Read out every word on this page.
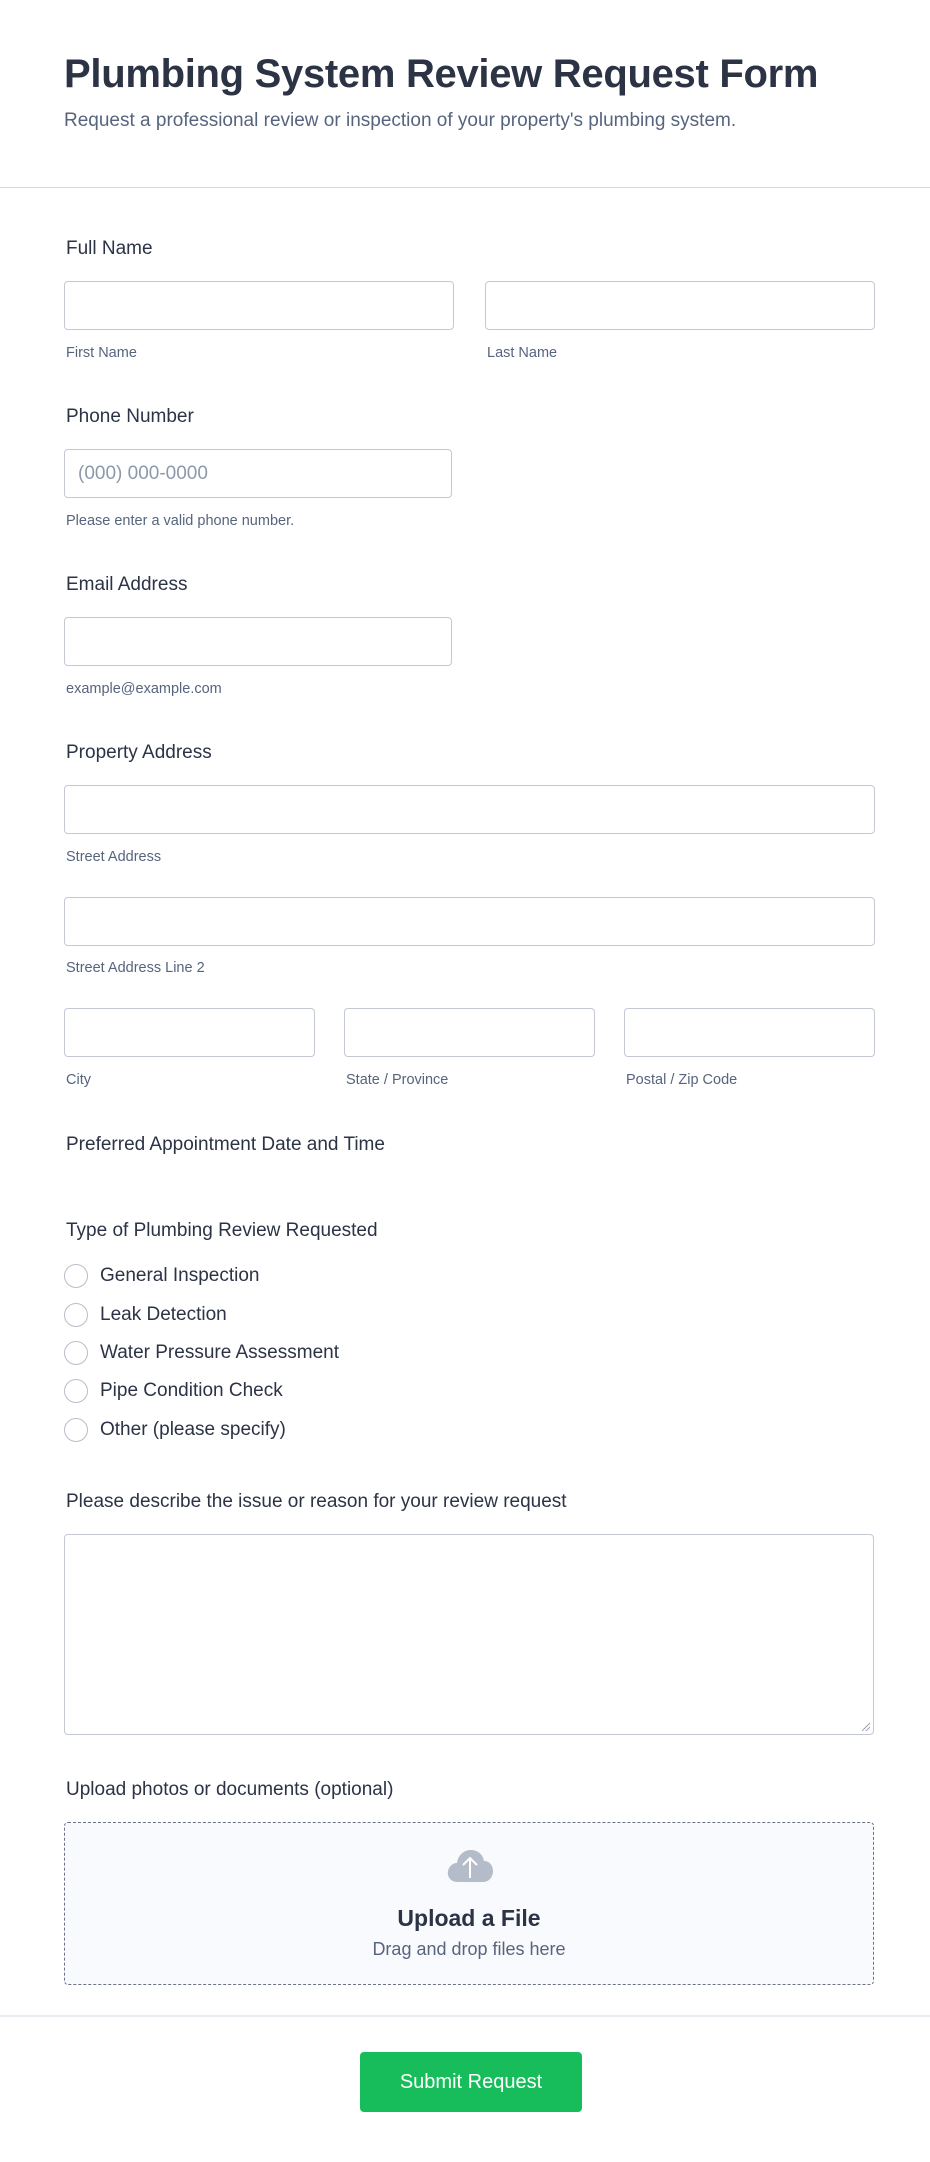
Plumbing System Review Request Form
Request a professional review or inspection of your property's plumbing system.
Full Name
First Name	Last Name
Phone Number
(000) 000-0000
Please enter a valid phone number.
Email Address
example@example.com
Property Address
Street Address
Street Address Line 2
City	State / Province	Postal / Zip Code
Preferred Appointment Date and Time
Type of Plumbing Review Requested
General Inspection
Leak Detection
Water Pressure Assessment
Pipe Condition Check
Other (please specify)
Please describe the issue or reason for your review request
Upload photos or documents (optional)
Upload a File
Drag and drop files here
Submit Request
